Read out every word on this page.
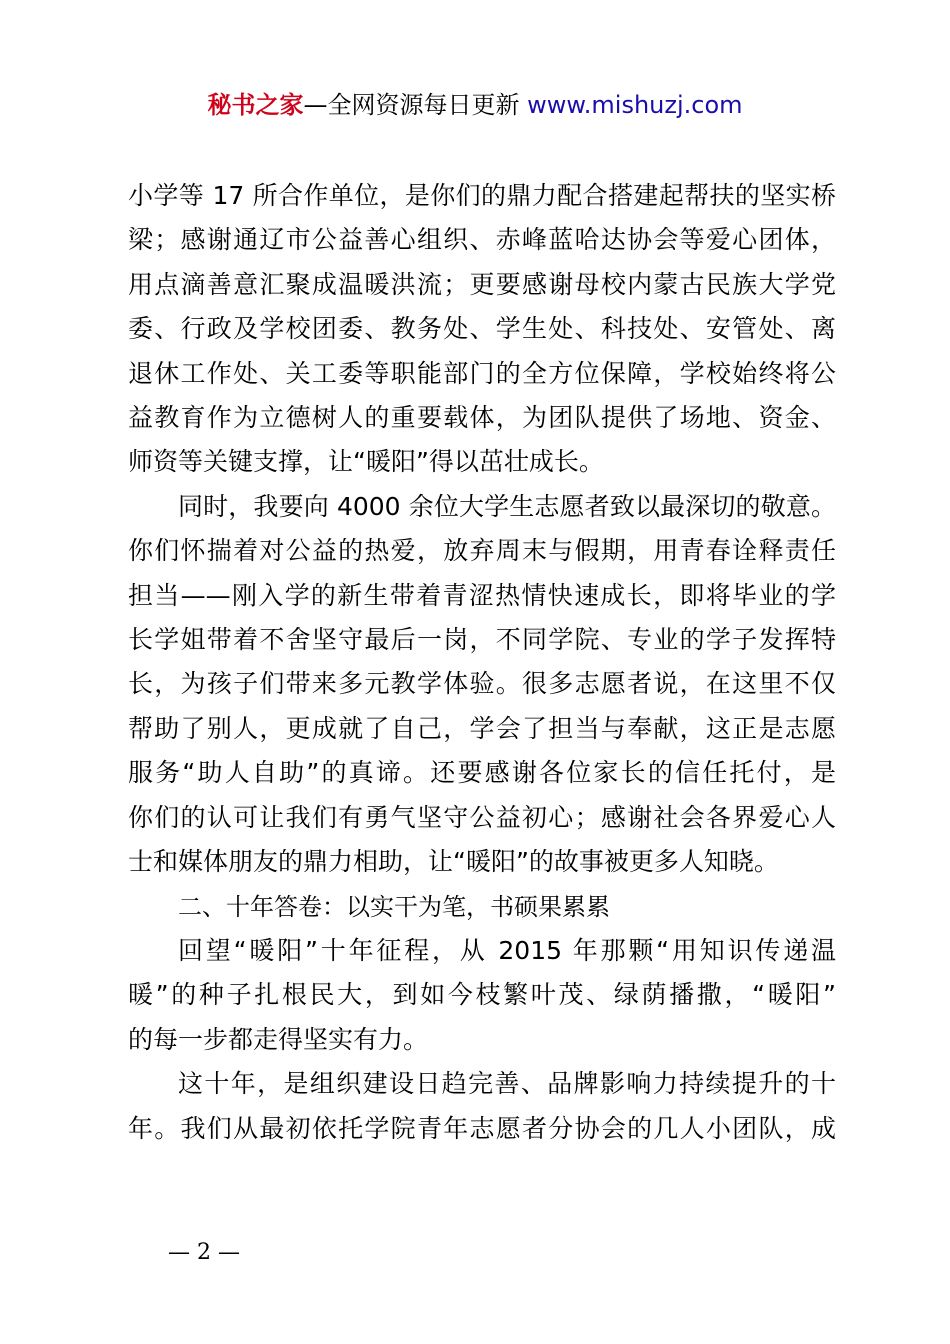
秘书之家—全网资源每日更新 www.mishuzj.com

小学等 17 所合作单位，是你们的鼎力配合搭建起帮扶的坚实桥
梁；感谢通辽市公益善心组织、赤峰蓝哈达协会等爱心团体，
用点滴善意汇聚成温暖洪流；更要感谢母校内蒙古民族大学党
委、行政及学校团委、教务处、学生处、科技处、安管处、离
退休工作处、关工委等职能部门的全方位保障，学校始终将公
益教育作为立德树人的重要载体，为团队提供了场地、资金、
师资等关键支撑，让“暖阳”得以茁壮成长。

同时，我要向 4000 余位大学生志愿者致以最深切的敬意。
你们怀揣着对公益的热爱，放弃周末与假期，用青春诠释责任
担当——刚入学的新生带着青涩热情快速成长，即将毕业的学
长学姐带着不舍坚守最后一岗，不同学院、专业的学子发挥特
长，为孩子们带来多元教学体验。很多志愿者说，在这里不仅
帮助了别人，更成就了自己，学会了担当与奉献，这正是志愿
服务“助人自助”的真谛。还要感谢各位家长的信任托付，是
你们的认可让我们有勇气坚守公益初心；感谢社会各界爱心人
士和媒体朋友的鼎力相助，让“暖阳”的故事被更多人知晓。

二、十年答卷：以实干为笔，书硕果累累

回望“暖阳”十年征程，从 2015 年那颗“用知识传递温
暖”的种子扎根民大，到如今枝繁叶茂、绿荫播撒，“暖阳”
的每一步都走得坚实有力。

这十年，是组织建设日趋完善、品牌影响力持续提升的十
年。我们从最初依托学院青年志愿者分协会的几人小团队，成

— 2 —
